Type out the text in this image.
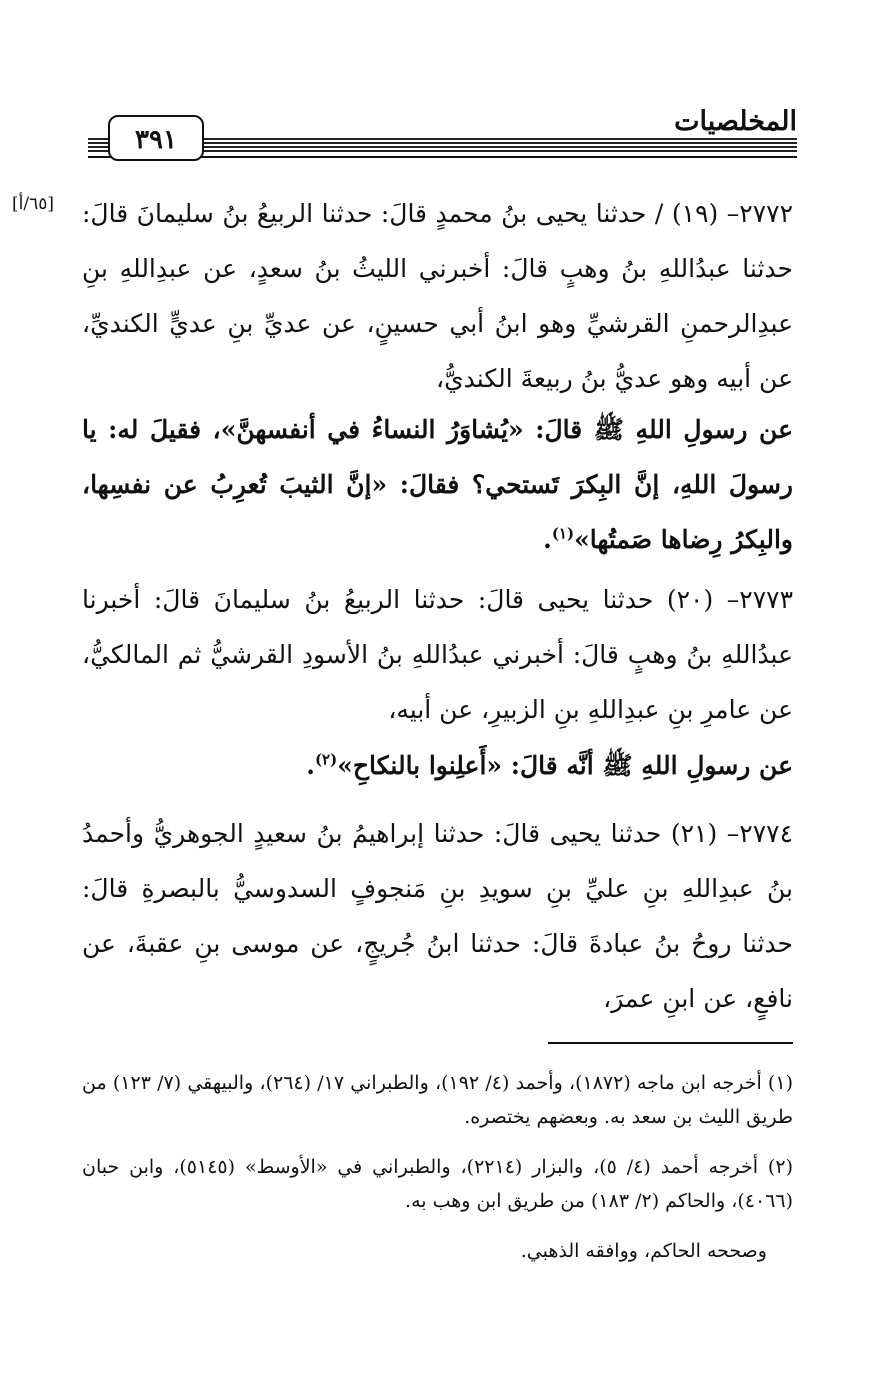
المخلصيات
٣٩١
[٦٥/أ] ٢٧٧٢– (١٩) / حدثنا يحيى بنُ محمدٍ قالَ: حدثنا الربيعُ بنُ سليمانَ قالَ: حدثنا عبدُاللهِ بنُ وهبٍ قالَ: أخبرني الليثُ بنُ سعدٍ، عن عبدِاللهِ بنِ عبدِالرحمنِ القرشيِّ وهو ابنُ أبي حسينٍ، عن عديِّ بنِ عديٍّ الكنديِّ، عن أبيه وهو عديُّ بنُ ربيعةَ الكنديُّ،

عن رسولِ اللهِ ﷺ قالَ: «يُشاوَرُ النساءُ في أنفسهنَّ»، فقيلَ له: يا رسولَ اللهِ، إنَّ البِكرَ تَستحي؟ فقالَ: «إنَّ الثيبَ تُعرِبُ عن نفسِها، والبِكرُ رِضاها صَمتُها»$^{(١)}$.

٢٧٧٣– (٢٠) حدثنا يحيى قالَ: حدثنا الربيعُ بنُ سليمانَ قالَ: أخبرنا عبدُاللهِ بنُ وهبٍ قالَ: أخبرني عبدُاللهِ بنُ الأسودِ القرشيُّ ثم المالكيُّ، عن عامرِ بنِ عبدِاللهِ بنِ الزبيرِ، عن أبيه،

عن رسولِ اللهِ ﷺ أنَّه قالَ: «أَعلِنوا بالنكاحِ»$^{(٢)}$.

٢٧٧٤– (٢١) حدثنا يحيى قالَ: حدثنا إبراهيمُ بنُ سعيدٍ الجوهريُّ وأحمدُ بنُ عبدِاللهِ بنِ عليِّ بنِ سويدِ بنِ مَنجوفٍ السدوسيُّ بالبصرةِ قالَ: حدثنا روحُ بنُ عبادةَ قالَ: حدثنا ابنُ جُريجٍ، عن موسى بنِ عقبةَ، عن نافعٍ، عن ابنِ عمرَ،

(١) أخرجه ابن ماجه (١٨٧٢)، وأحمد (٤/ ١٩٢)، والطبراني ١٧/ (٢٦٤)، والبيهقي (٧/ ١٢٣) من طريق الليث بن سعد به. وبعضهم يختصره.

(٢) أخرجه أحمد (٤/ ٥)، والبزار (٢٢١٤)، والطبراني في «الأوسط» (٥١٤٥)، وابن حبان (٤٠٦٦)، والحاكم (٢/ ١٨٣) من طريق ابن وهب به.

وصححه الحاكم، ووافقه الذهبي.
